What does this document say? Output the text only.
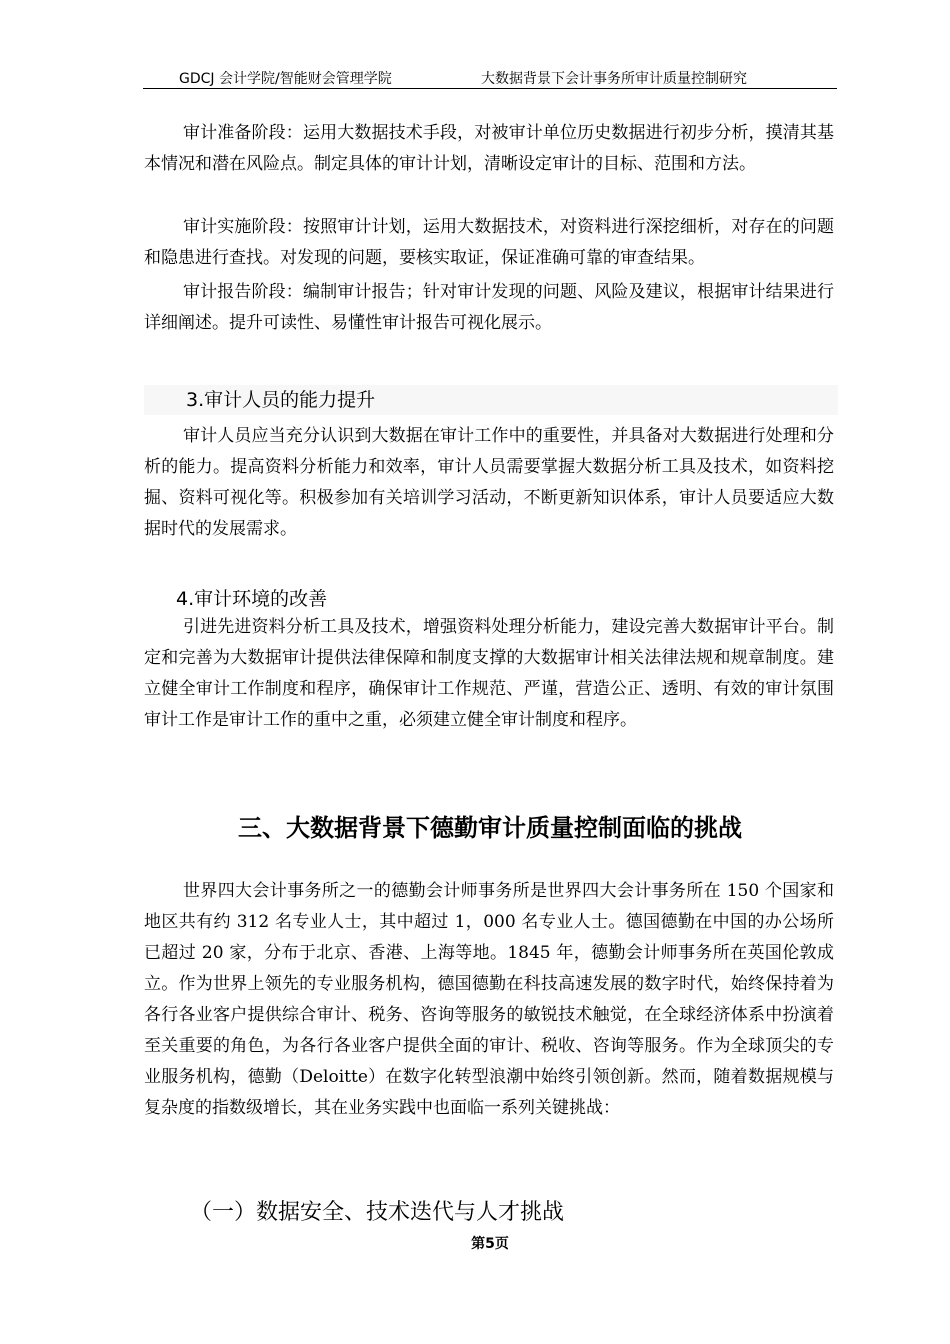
GDCJ 会计学院/智能财会管理学院	大数据背景下会计事务所审计质量控制研究

审计准备阶段：运用大数据技术手段，对被审计单位历史数据进行初步分析，摸清其基本情况和潜在风险点。制定具体的审计计划，清晰设定审计的目标、范围和方法。

审计实施阶段：按照审计计划，运用大数据技术，对资料进行深挖细析，对存在的问题和隐患进行查找。对发现的问题，要核实取证，保证准确可靠的审查结果。

审计报告阶段：编制审计报告；针对审计发现的问题、风险及建议，根据审计结果进行详细阐述。提升可读性、易懂性审计报告可视化展示。

3.审计人员的能力提升

审计人员应当充分认识到大数据在审计工作中的重要性，并具备对大数据进行处理和分析的能力。提高资料分析能力和效率，审计人员需要掌握大数据分析工具及技术，如资料挖掘、资料可视化等。积极参加有关培训学习活动，不断更新知识体系，审计人员要适应大数据时代的发展需求。

4.审计环境的改善

引进先进资料分析工具及技术，增强资料处理分析能力，建设完善大数据审计平台。制定和完善为大数据审计提供法律保障和制度支撑的大数据审计相关法律法规和规章制度。建立健全审计工作制度和程序，确保审计工作规范、严谨，营造公正、透明、有效的审计氛围审计工作是审计工作的重中之重，必须建立健全审计制度和程序。

三、大数据背景下德勤审计质量控制面临的挑战

世界四大会计事务所之一的德勤会计师事务所是世界四大会计事务所在 150 个国家和地区共有约 312 名专业人士，其中超过 1，000 名专业人士。德国德勤在中国的办公场所已超过 20 家，分布于北京、香港、上海等地。1845 年，德勤会计师事务所在英国伦敦成立。作为世界上领先的专业服务机构，德国德勤在科技高速发展的数字时代，始终保持着为各行各业客户提供综合审计、税务、咨询等服务的敏锐技术触觉，在全球经济体系中扮演着至关重要的角色，为各行各业客户提供全面的审计、税收、咨询等服务。作为全球顶尖的专业服务机构，德勤（Deloitte）在数字化转型浪潮中始终引领创新。然而，随着数据规模与复杂度的指数级增长，其在业务实践中也面临一系列关键挑战：

（一）数据安全、技术迭代与人才挑战

第5页
